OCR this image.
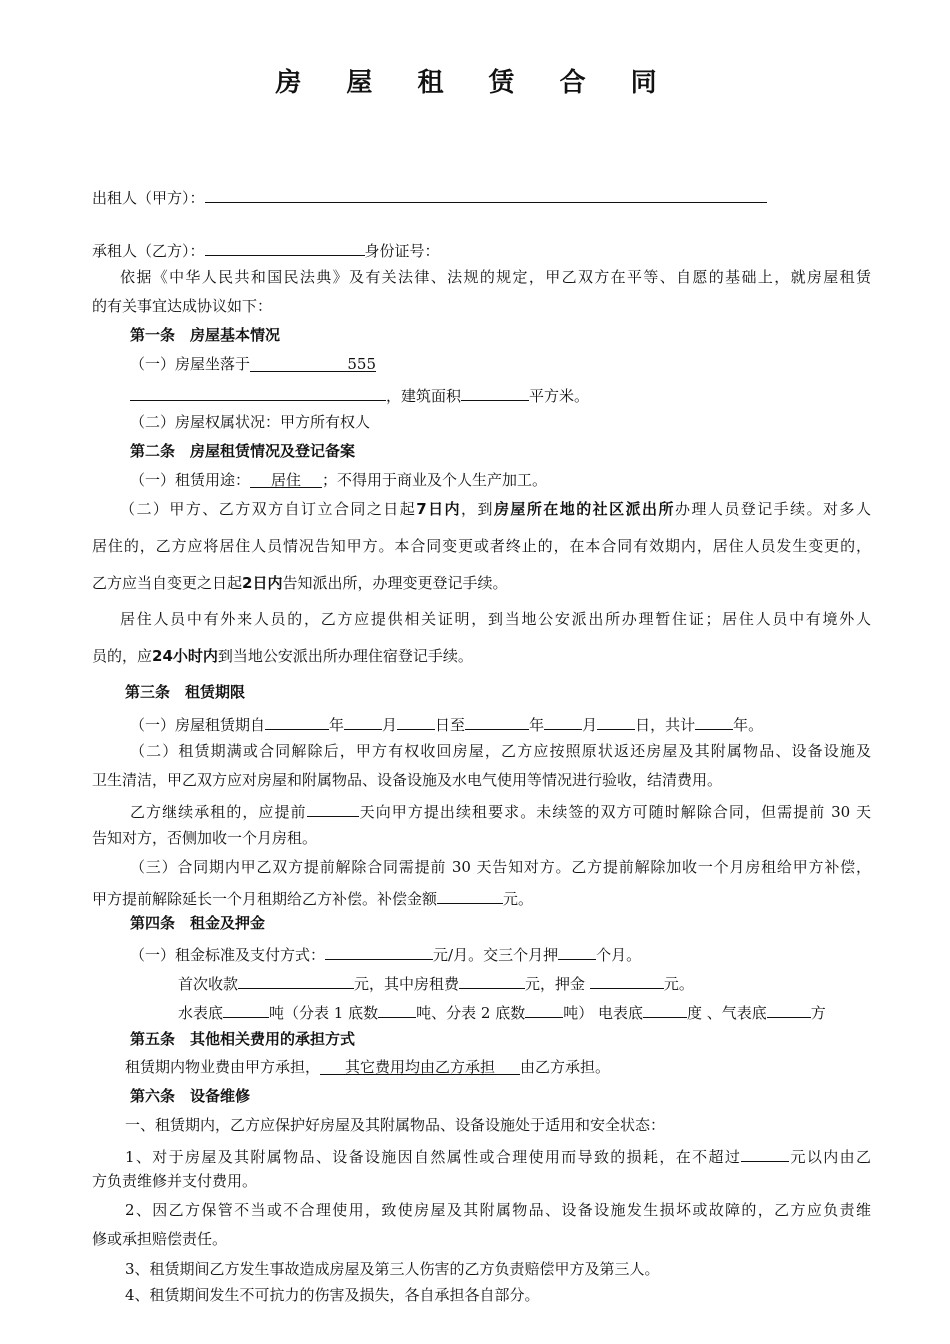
房 屋 租 赁 合 同
出租人（甲方）：
承租人（乙方）：	身份证号：
依据《中华人民共和国民法典》及有关法律、法规的规定，甲乙双方在平等、自愿的基础上，就房屋租赁
的有关事宜达成协议如下：
第一条　房屋基本情况
（一）房屋坐落于	555
，建筑面积	平方米。
（二）房屋权属状况：甲方所有权人
第二条　房屋租赁情况及登记备案
（一）租赁用途： 居住 ；不得用于商业及个人生产加工。
（二）甲方、乙方双方自订立合同之日起7日内，到房屋所在地的社区派出所办理人员登记手续。对多人
居住的，乙方应将居住人员情况告知甲方。本合同变更或者终止的，在本合同有效期内，居住人员发生变更的，
乙方应当自变更之日起2日内告知派出所，办理变更登记手续。
居住人员中有外来人员的，乙方应提供相关证明，到当地公安派出所办理暂住证；居住人员中有境外人
员的，应24小时内到当地公安派出所办理住宿登记手续。
第三条　租赁期限
（一）房屋租赁期自	年	月	日至	年	月	日，共计	年。
（二）租赁期满或合同解除后，甲方有权收回房屋，乙方应按照原状返还房屋及其附属物品、设备设施及
卫生清洁，甲乙双方应对房屋和附属物品、设备设施及水电气使用等情况进行验收，结清费用。
乙方继续承租的，应提前	天向甲方提出续租要求。未续签的双方可随时解除合同，但需提前 30 天
告知对方，否侧加收一个月房租。
（三）合同期内甲乙双方提前解除合同需提前 30 天告知对方。乙方提前解除加收一个月房租给甲方补偿，
甲方提前解除延长一个月租期给乙方补偿。补偿金额	元。
第四条　租金及押金
（一）租金标准及支付方式：	元/月。交三个月押	个月。
首次收款	元，其中房租费	元，押金	元。
水表底	吨（分表 1 底数	吨、分表 2 底数	吨） 电表底	度 、气表底	方
第五条　其他相关费用的承担方式
租赁期内物业费由甲方承担， 其它费用均由乙方承担 由乙方承担。
第六条　设备维修
一、租赁期内，乙方应保护好房屋及其附属物品、设备设施处于适用和安全状态：
1、对于房屋及其附属物品、设备设施因自然属性或合理使用而导致的损耗，在不超过	元以内由乙
方负责维修并支付费用。
2、因乙方保管不当或不合理使用，致使房屋及其附属物品、设备设施发生损坏或故障的，乙方应负责维
修或承担赔偿责任。
3、租赁期间乙方发生事故造成房屋及第三人伤害的乙方负责赔偿甲方及第三人。
4、租赁期间发生不可抗力的伤害及损失，各自承担各自部分。
